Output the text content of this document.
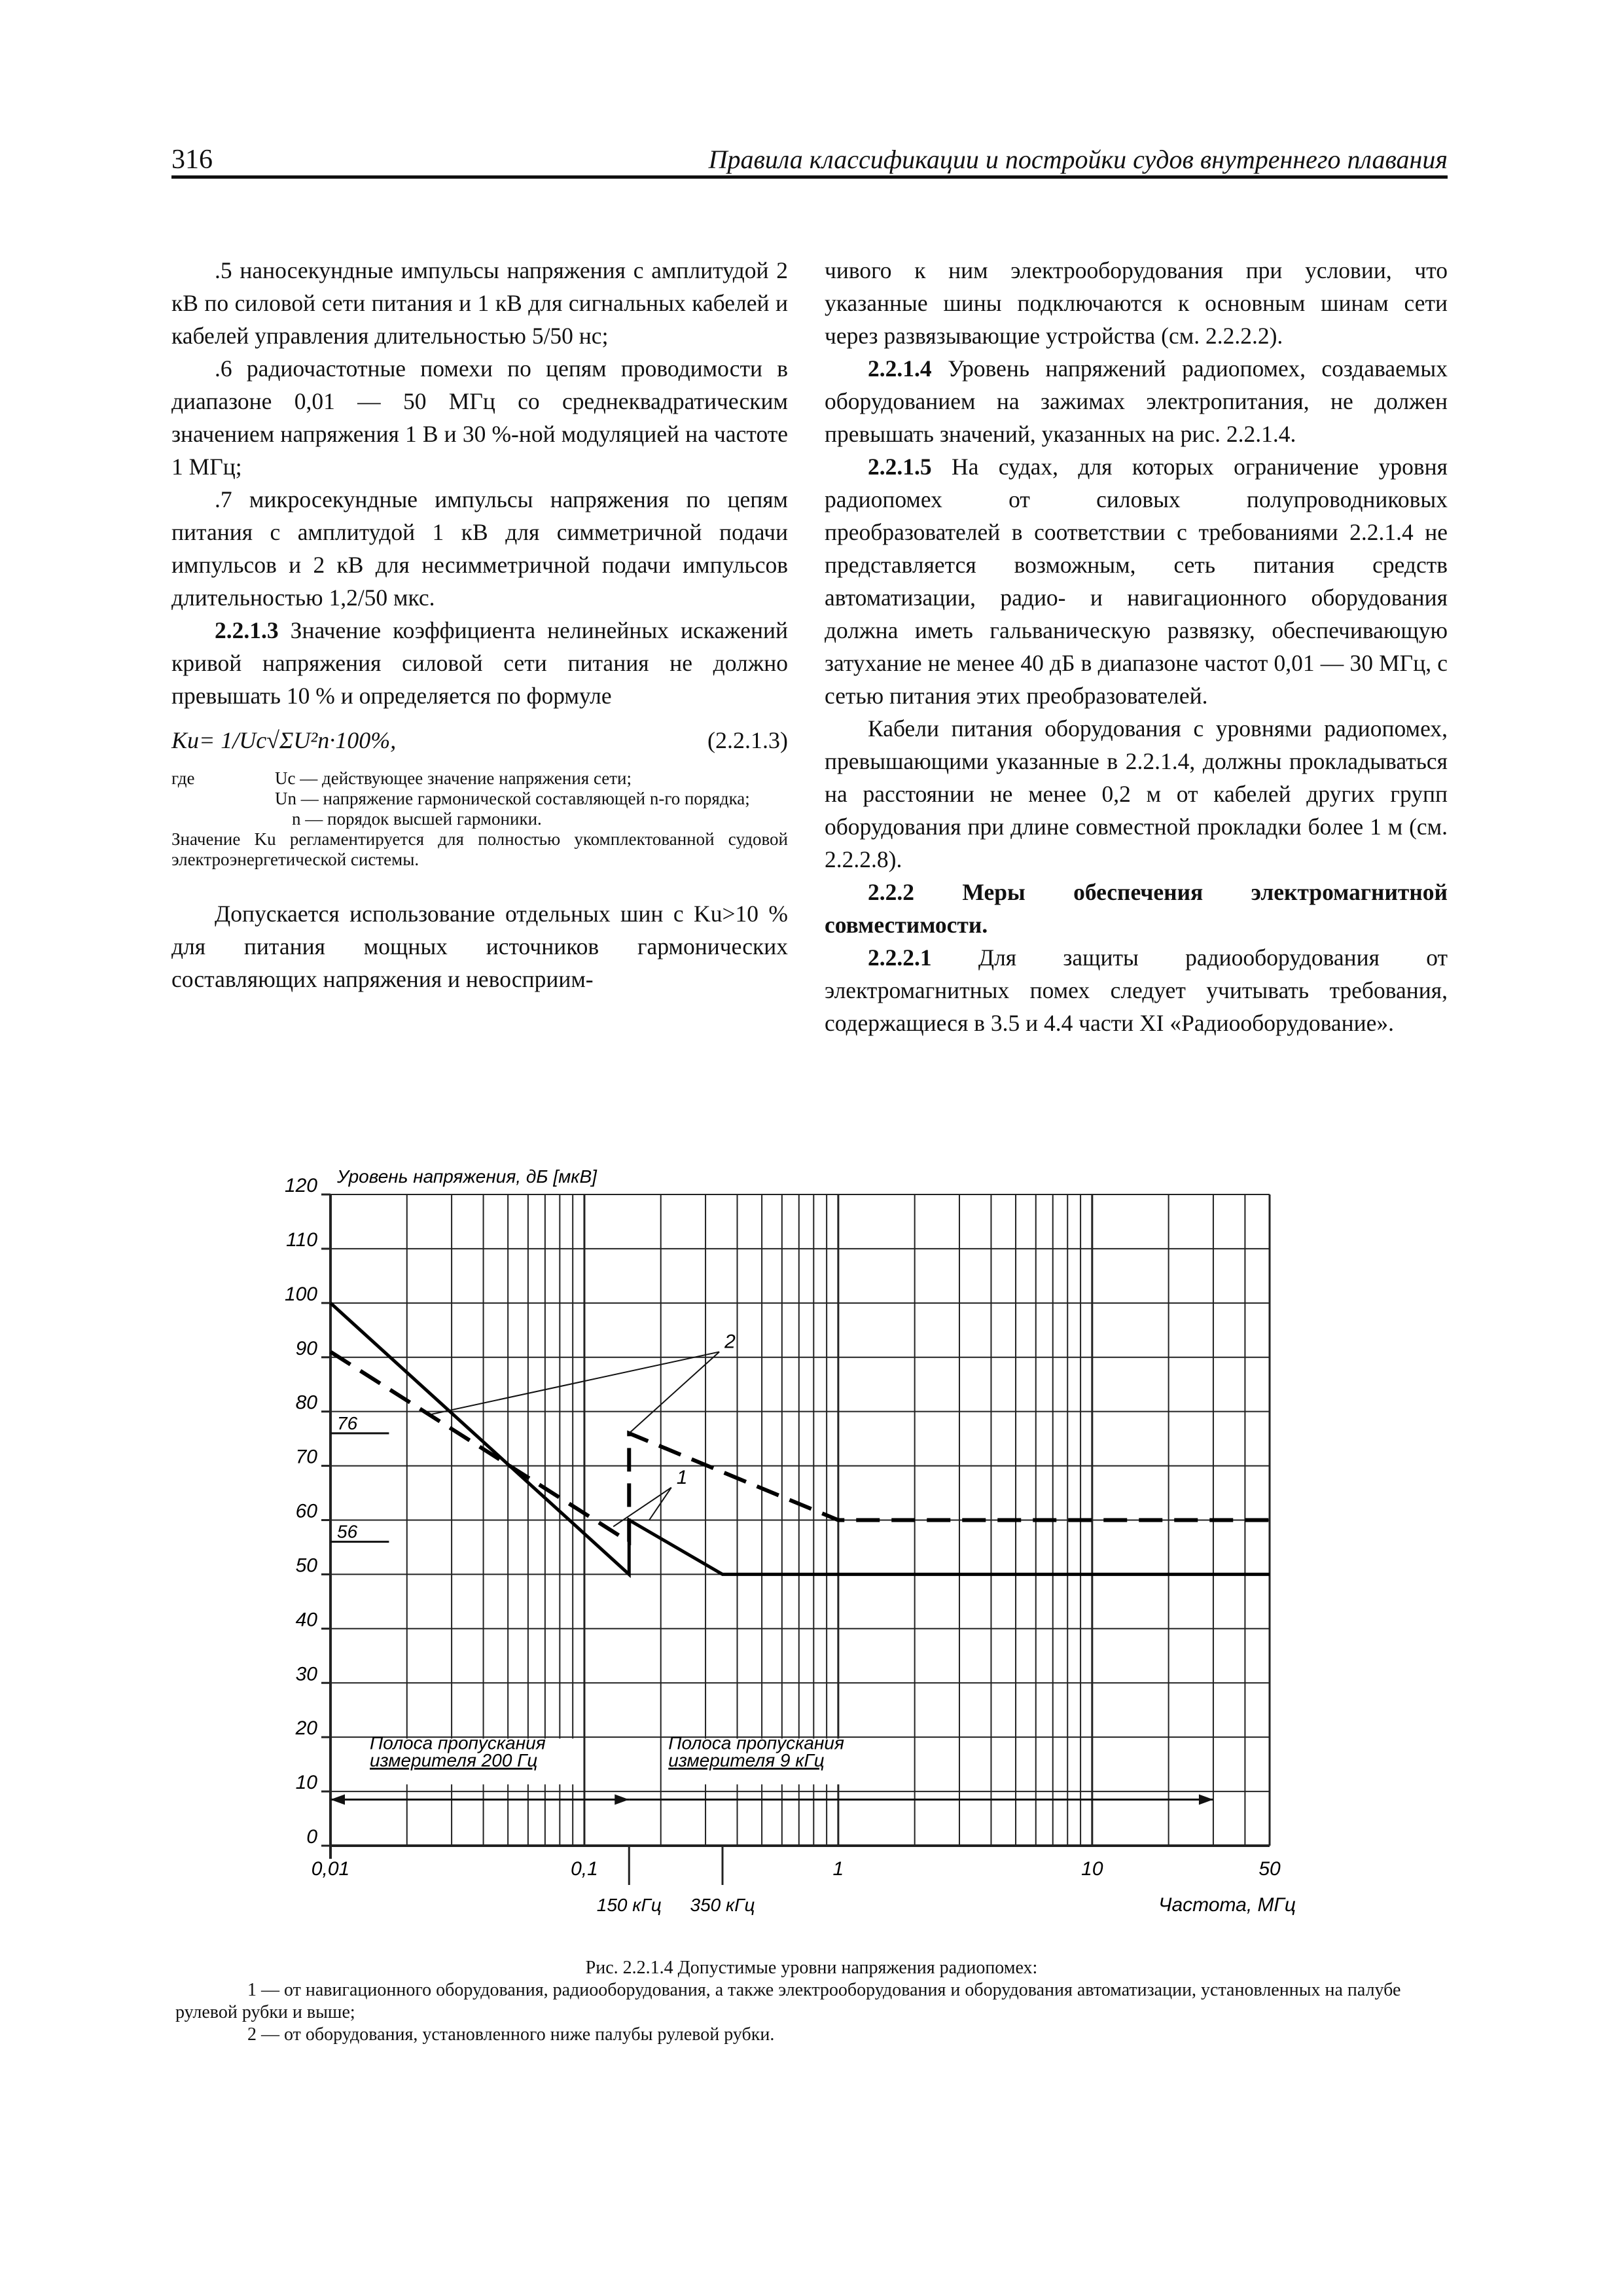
316	Правила классификации и постройки судов внутреннего плавания

.5 наносекундные импульсы напряжения с амплитудой 2 кВ по силовой сети питания и 1 кВ для сигнальных кабелей и кабелей управления длительностью 5/50 нс;

.6 радиочастотные помехи по цепям проводимости в диапазоне 0,01 — 50 МГц со среднеквадратическим значением напряжения 1 В и 30 %-ной модуляцией на частоте 1 МГц;

.7 микросекундные импульсы напряжения по цепям питания с амплитудой 1 кВ для симметричной подачи импульсов и 2 кВ для несимметричной подачи импульсов длительностью 1,2/50 мкс.

2.2.1.3 Значение коэффициента нелинейных искажений кривой напряжения силовой сети питания не должно превышать 10 % и определяется по формуле

Ku= 1/Uc√ΣU²n·100%,	(2.2.1.3)
где	Uc — действующее значение напряжения сети;
Un — напряжение гармонической составляющей n-го порядка;
n — порядок высшей гармоники.
Значение Ku регламентируется для полностью укомплектованной судовой электроэнергетической системы.

Допускается использование отдельных шин с Ku>10 % для питания мощных источников гармонических составляющих напряжения и невосприим-

чивого к ним электрооборудования при условии, что указанные шины подключаются к основным шинам сети через развязывающие устройства (см. 2.2.2.2).

2.2.1.4 Уровень напряжений радиопомех, создаваемых оборудованием на зажимах электропитания, не должен превышать значений, указанных на рис. 2.2.1.4.

2.2.1.5 На судах, для которых ограничение уровня радиопомех от силовых полупроводниковых преобразователей в соответствии с требованиями 2.2.1.4 не представляется возможным, сеть питания средств автоматизации, радио- и навигационного оборудования должна иметь гальваническую развязку, обеспечивающую затухание не менее 40 дБ в диапазоне частот 0,01 — 30 МГц, с сетью питания этих преобразователей.

Кабели питания оборудования с уровнями радиопомех, превышающими указанные в 2.2.1.4, должны прокладываться на расстоянии не менее 0,2 м от кабелей других групп оборудования при длине совместной прокладки более 1 м (см. 2.2.2.8).

2.2.2 Меры обеспечения электромагнитной совместимости.

2.2.2.1 Для защиты радиооборудования от электромагнитных помех следует учитывать требования, содержащиеся в 3.5 и 4.4 части XI «Радиооборудование».

0
10
20
30
40
50
60
70
80
90
100
110
120
0,01	0,1	1	10	50
150 кГц 350 кГц
Уровень напряжения, дБ [мкВ]
Частота, МГц
76
56
1
2
Полоса пропускания
измерителя 200 Гц
Полоса пропускания
измерителя 9 кГц
Рис. 2.2.1.4 Допустимые уровни напряжения радиопомех:
1 — от навигационного оборудования, радиооборудования, а также электрооборудования и оборудования автоматизации, установленных на палубе рулевой рубки и выше;
2 — от оборудования, установленного ниже палубы рулевой рубки.
